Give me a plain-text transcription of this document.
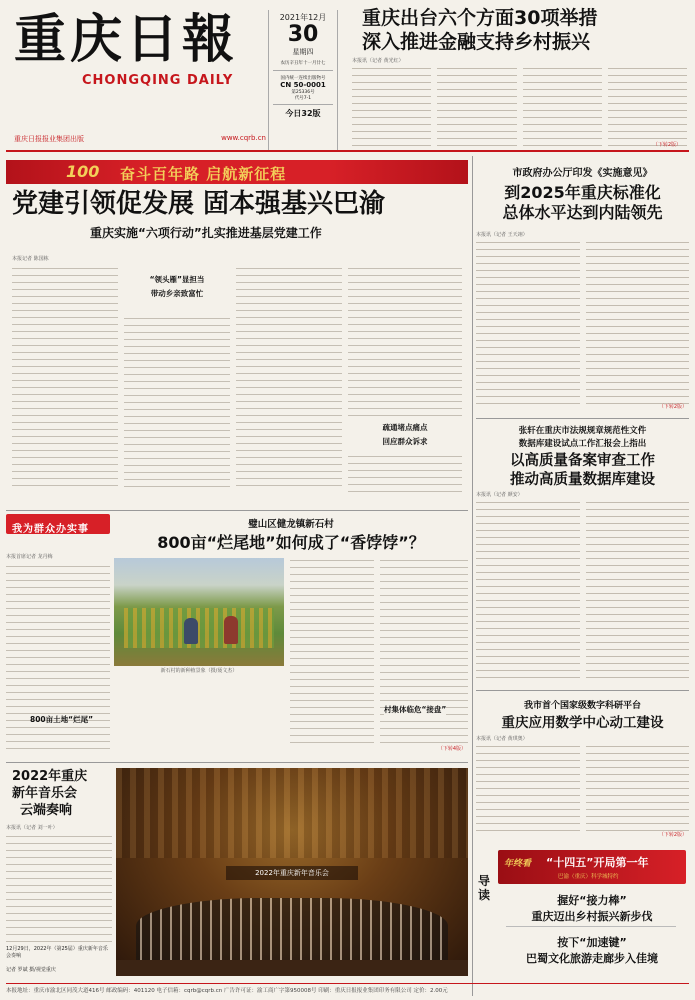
重庆日報
CHONGQING DAILY
重庆日报报业集团出版	www.cqrb.cn
2021年12月
30
星期四
农历辛丑年十一月廿七
国内统一连续出版物号
CN 50-0001
第25336号
代号7-1
今日32版
重庆出台六个方面30项举措
深入推进金融支持乡村振兴
本报讯（记者 黄光红）
（下转2版）
100 奋斗百年路 启航新征程
党建引领促发展 固本强基兴巴渝
重庆实施“六项行动”扎实推进基层党建工作
本报记者 陈国栋
“领头雁”显担当
带动乡亲致富忙
疏通堵点痛点
回应群众诉求
市政府办公厅印发《实施意见》
到2025年重庆标准化
总体水平达到内陆领先
本报讯（记者 王天翊）
（下转2版）
张轩在重庆市法规规章规范性文件
数据库建设试点工作汇报会上指出
以高质量备案审查工作
推动高质量数据库建设
本报讯（记者 颜安）
我为群众办实事
本报首席记者 龙丹梅
璧山区健龙镇新石村
800亩“烂尾地”如何成了“香饽饽”？
新石村的新种植景象（摄/聂文杰）
村集体临危“接盘”
（下转4版）
800亩土地“烂尾”
我市首个国家级数字科研平台
重庆应用数学中心动工建设
本报讯（记者 黄琪奥）
（下转2版）
2022年重庆
新年音乐会
云端奏响
本报讯（记者 刘一叶）
12月29日，2022年（第25届）重庆新年音乐会奏响
记者 罗斌 摄/视觉重庆
2022年重庆新年音乐会
导读
年终看 “十四五”开局第一年
巴渝（重庆）科学城特约
握好“接力棒”
重庆迈出乡村振兴新步伐
按下“加速键”
巴蜀文化旅游走廊步入佳境
本报地址：重庆市渝北区同茂大道416号 邮政编码：401120 电子信箱：cqrb@cqrb.cn 广告许可证：渝工商广字第950008号 印刷：重庆日报报业集团印务有限公司 定价：2.00元
